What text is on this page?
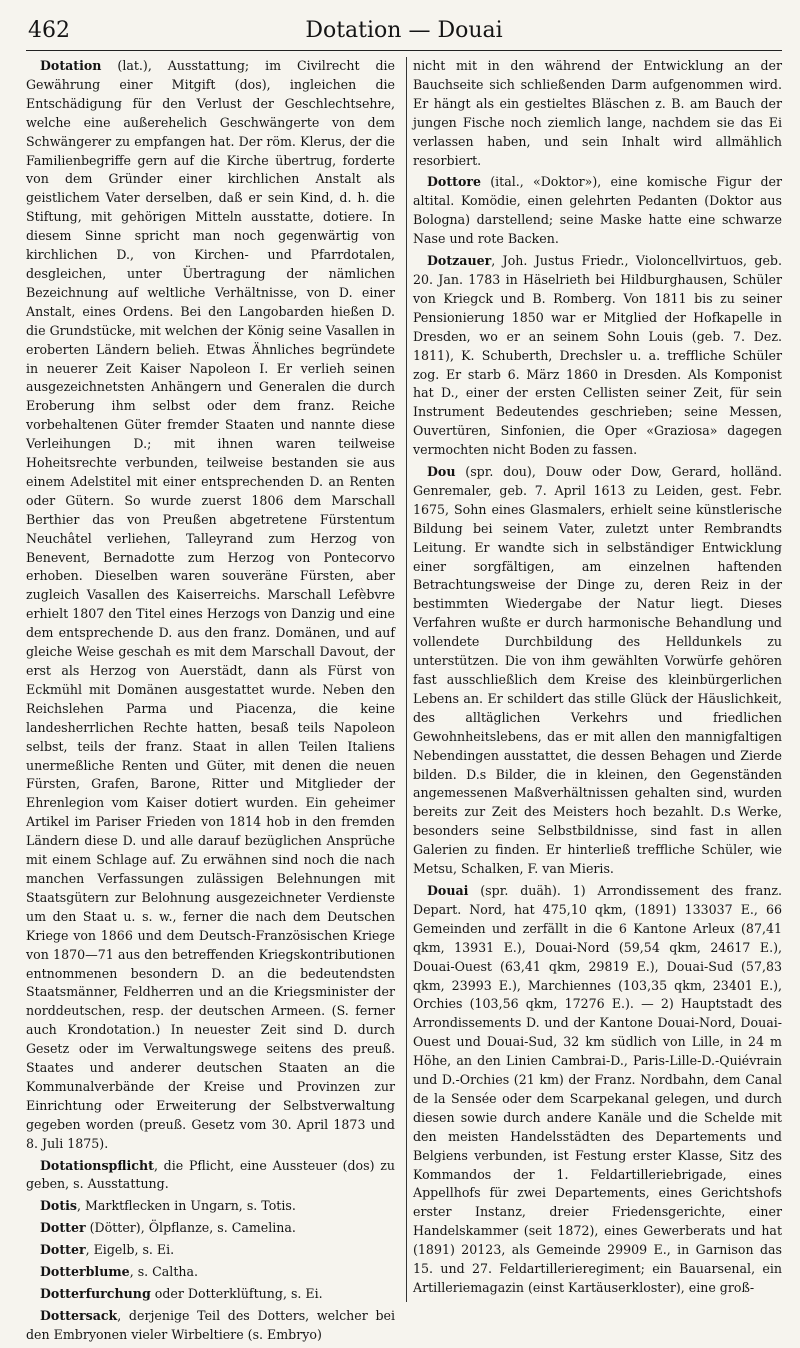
462	Dotation — Douai

Dotation (lat.), Ausstattung; im Civilrecht die Gewährung einer Mitgift (dos), ingleichen die Entschädigung für den Verlust der Geschlechtsehre, welche eine außerehelich Geschwängerte von dem Schwängerer zu empfangen hat. Der röm. Klerus, der die Familienbegriffe gern auf die Kirche übertrug, forderte von dem Gründer einer kirchlichen Anstalt als geistlichem Vater derselben, daß er sein Kind, d. h. die Stiftung, mit gehörigen Mitteln ausstatte, dotiere. In diesem Sinne spricht man noch gegenwärtig von kirchlichen D., von Kirchen- und Pfarrdotalen, desgleichen, unter Übertragung der nämlichen Bezeichnung auf weltliche Verhältnisse, von D. einer Anstalt, eines Ordens. Bei den Langobarden hießen D. die Grundstücke, mit welchen der König seine Vasallen in eroberten Ländern belieh. Etwas Ähnliches begründete in neuerer Zeit Kaiser Napoleon I. Er verlieh seinen ausgezeichnetsten Anhängern und Generalen die durch Eroberung ihm selbst oder dem franz. Reiche vorbehaltenen Güter fremder Staaten und nannte diese Verleihungen D.; mit ihnen waren teilweise Hoheitsrechte verbunden, teilweise bestanden sie aus einem Adelstitel mit einer entsprechenden D. an Renten oder Gütern. So wurde zuerst 1806 dem Marschall Berthier das von Preußen abgetretene Fürstentum Neuchâtel verliehen, Talleyrand zum Herzog von Benevent, Bernadotte zum Herzog von Pontecorvo erhoben. Dieselben waren souveräne Fürsten, aber zugleich Vasallen des Kaiserreichs. Marschall Lefèbvre erhielt 1807 den Titel eines Herzogs von Danzig und eine dem entsprechende D. aus den franz. Domänen, und auf gleiche Weise geschah es mit dem Marschall Davout, der erst als Herzog von Auerstädt, dann als Fürst von Eckmühl mit Domänen ausgestattet wurde. Neben den Reichslehen Parma und Piacenza, die keine landesherrlichen Rechte hatten, besaß teils Napoleon selbst, teils der franz. Staat in allen Teilen Italiens unermeßliche Renten und Güter, mit denen die neuen Fürsten, Grafen, Barone, Ritter und Mitglieder der Ehrenlegion vom Kaiser dotiert wurden. Ein geheimer Artikel im Pariser Frieden von 1814 hob in den fremden Ländern diese D. und alle darauf bezüglichen Ansprüche mit einem Schlage auf. Zu erwähnen sind noch die nach manchen Verfassungen zulässigen Belehnungen mit Staatsgütern zur Belohnung ausgezeichneter Verdienste um den Staat u. s. w., ferner die nach dem Deutschen Kriege von 1866 und dem Deutsch-Französischen Kriege von 1870—71 aus den betreffenden Kriegskontributionen entnommenen besondern D. an die bedeutendsten Staatsmänner, Feldherren und an die Kriegsminister der norddeutschen, resp. der deutschen Armeen. (S. ferner auch Krondotation.) In neuester Zeit sind D. durch Gesetz oder im Verwaltungswege seitens des preuß. Staates und anderer deutschen Staaten an die Kommunalverbände der Kreise und Provinzen zur Einrichtung oder Erweiterung der Selbstverwaltung gegeben worden (preuß. Gesetz vom 30. April 1873 und 8. Juli 1875).

Dotationspflicht, die Pflicht, eine Aussteuer (dos) zu geben, s. Ausstattung.

Dotis, Marktflecken in Ungarn, s. Totis.

Dotter (Dötter), Ölpflanze, s. Camelina.

Dotter, Eigelb, s. Ei.

Dotterblume, s. Caltha.

Dotterfurchung oder Dotterklüftung, s. Ei.

Dottersack, derjenige Teil des Dotters, welcher bei den Embryonen vieler Wirbeltiere (s. Embryo)

nicht mit in den während der Entwicklung an der Bauchseite sich schließenden Darm aufgenommen wird. Er hängt als ein gestieltes Bläschen z. B. am Bauch der jungen Fische noch ziemlich lange, nachdem sie das Ei verlassen haben, und sein Inhalt wird allmählich resorbiert.

Dottore (ital., «Doktor»), eine komische Figur der altital. Komödie, einen gelehrten Pedanten (Doktor aus Bologna) darstellend; seine Maske hatte eine schwarze Nase und rote Backen.

Dotzauer, Joh. Justus Friedr., Violoncellvirtuos, geb. 20. Jan. 1783 in Häselrieth bei Hildburghausen, Schüler von Kriegck und B. Romberg. Von 1811 bis zu seiner Pensionierung 1850 war er Mitglied der Hofkapelle in Dresden, wo er an seinem Sohn Louis (geb. 7. Dez. 1811), K. Schuberth, Drechsler u. a. treffliche Schüler zog. Er starb 6. März 1860 in Dresden. Als Komponist hat D., einer der ersten Cellisten seiner Zeit, für sein Instrument Bedeutendes geschrieben; seine Messen, Ouvertüren, Sinfonien, die Oper «Graziosa» dagegen vermochten nicht Boden zu fassen.

Dou (spr. dou), Douw oder Dow, Gerard, holländ. Genremaler, geb. 7. April 1613 zu Leiden, gest. Febr. 1675, Sohn eines Glasmalers, erhielt seine künstlerische Bildung bei seinem Vater, zuletzt unter Rembrandts Leitung. Er wandte sich in selbständiger Entwicklung einer sorgfältigen, am einzelnen haftenden Betrachtungsweise der Dinge zu, deren Reiz in der bestimmten Wiedergabe der Natur liegt. Dieses Verfahren wußte er durch harmonische Behandlung und vollendete Durchbildung des Helldunkels zu unterstützen. Die von ihm gewählten Vorwürfe gehören fast ausschließlich dem Kreise des kleinbürgerlichen Lebens an. Er schildert das stille Glück der Häuslichkeit, des alltäglichen Verkehrs und friedlichen Gewohnheitslebens, das er mit allen den mannigfaltigen Nebendingen ausstattet, die dessen Behagen und Zierde bilden. D.s Bilder, die in kleinen, den Gegenständen angemessenen Maßverhältnissen gehalten sind, wurden bereits zur Zeit des Meisters hoch bezahlt. D.s Werke, besonders seine Selbstbildnisse, sind fast in allen Galerien zu finden. Er hinterließ treffliche Schüler, wie Metsu, Schalken, F. van Mieris.

Douai (spr. duäh). 1) Arrondissement des franz. Depart. Nord, hat 475,10 qkm, (1891) 133037 E., 66 Gemeinden und zerfällt in die 6 Kantone Arleux (87,41 qkm, 13931 E.), Douai-Nord (59,54 qkm, 24617 E.), Douai-Ouest (63,41 qkm, 29819 E.), Douai-Sud (57,83 qkm, 23993 E.), Marchiennes (103,35 qkm, 23401 E.), Orchies (103,56 qkm, 17276 E.). — 2) Hauptstadt des Arrondissements D. und der Kantone Douai-Nord, Douai-Ouest und Douai-Sud, 32 km südlich von Lille, in 24 m Höhe, an den Linien Cambrai-D., Paris-Lille-D.-Quiévrain und D.-Orchies (21 km) der Franz. Nordbahn, dem Canal de la Sensée oder dem Scarpekanal gelegen, und durch diesen sowie durch andere Kanäle und die Schelde mit den meisten Handelsstädten des Departements und Belgiens verbunden, ist Festung erster Klasse, Sitz des Kommandos der 1. Feldartilleriebrigade, eines Appellhofs für zwei Departements, eines Gerichtshofs erster Instanz, dreier Friedensgerichte, einer Handelskammer (seit 1872), eines Gewerberats und hat (1891) 20123, als Gemeinde 29909 E., in Garnison das 15. und 27. Feldartillerieregiment; ein Bauarsenal, ein Artilleriemagazin (einst Kartäuserkloster), eine groß-
